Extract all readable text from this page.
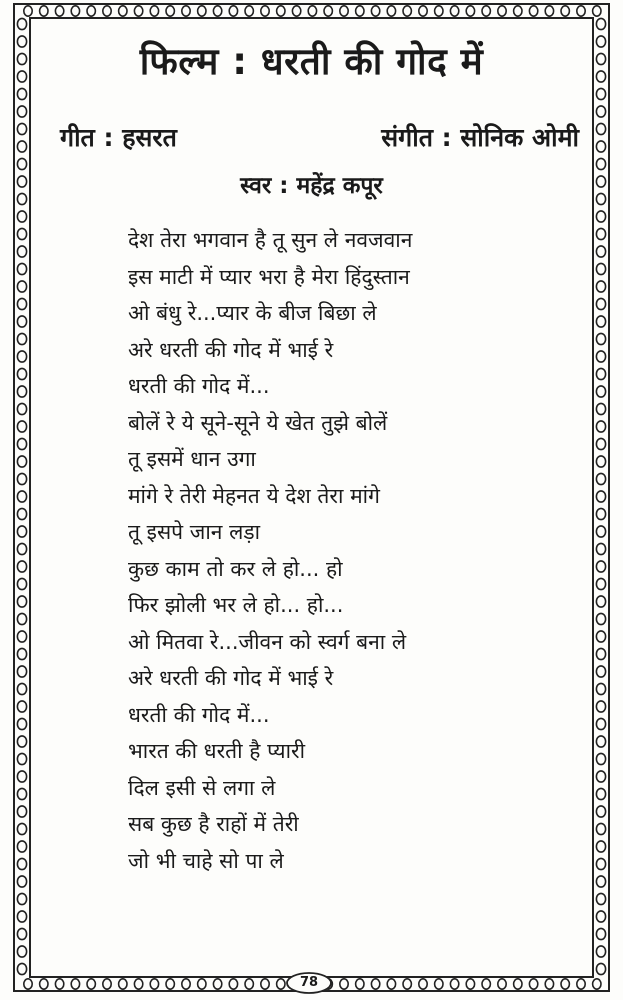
फिल्म : धरती की गोद में
गीत : हसरत	संगीत : सोनिक ओमी
स्वर : महेंद्र कपूर
देश तेरा भगवान है तू सुन ले नवजवान
इस माटी में प्यार भरा है मेरा हिंदुस्तान
ओ बंधु रे...प्यार के बीज बिछा ले
अरे धरती की गोद में भाई रे
धरती की गोद में...
बोलें रे ये सूने-सूने ये खेत तुझे बोलें
तू इसमें धान उगा
मांगे रे तेरी मेहनत ये देश तेरा मांगे
तू इसपे जान लड़ा
कुछ काम तो कर ले हो... हो
फिर झोली भर ले हो... हो...
ओ मितवा रे...जीवन को स्वर्ग बना ले
अरे धरती की गोद में भाई रे
धरती की गोद में...
भारत की धरती है प्यारी
दिल इसी से लगा ले
सब कुछ है राहों में तेरी
जो भी चाहे सो पा ले
78
